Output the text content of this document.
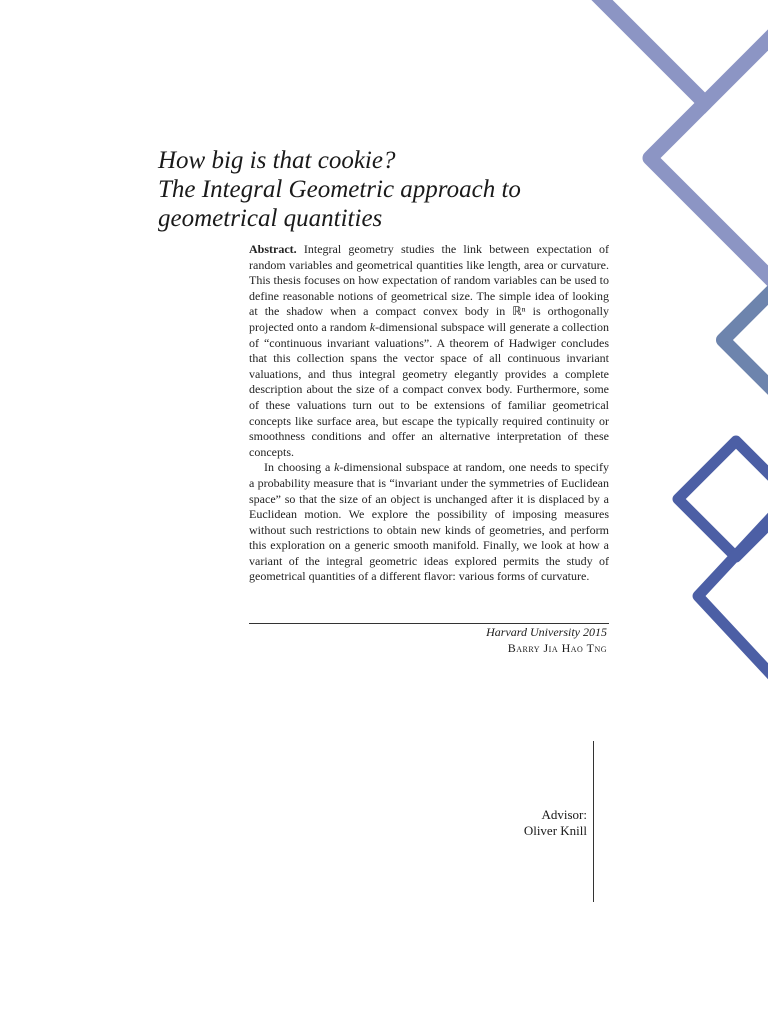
How big is that cookie?
The Integral Geometric approach to
geometrical quantities

Abstract. Integral geometry studies the link between expectation of random variables and geometrical quantities like length, area or curvature. This thesis focuses on how expectation of random variables can be used to define reasonable notions of geometrical size. The simple idea of looking at the shadow when a compact convex body in ℝⁿ is orthogonally projected onto a random k-dimensional subspace will generate a collection of “continuous invariant valuations”. A theorem of Hadwiger concludes that this collection spans the vector space of all continuous invariant valuations, and thus integral geometry elegantly provides a complete description about the size of a compact convex body. Furthermore, some of these valuations turn out to be extensions of familiar geometrical concepts like surface area, but escape the typically required continuity or smoothness conditions and offer an alternative interpretation of these concepts.

In choosing a k-dimensional subspace at random, one needs to specify a probability measure that is “invariant under the symmetries of Euclidean space” so that the size of an object is unchanged after it is displaced by a Euclidean motion. We explore the possibility of imposing measures without such restrictions to obtain new kinds of geometries, and perform this exploration on a generic smooth manifold. Finally, we look at how a variant of the integral geometric ideas explored permits the study of geometrical quantities of a different flavor: various forms of curvature.

Harvard University 2015
Barry Jia Hao Tng
Advisor:
Oliver Knill
